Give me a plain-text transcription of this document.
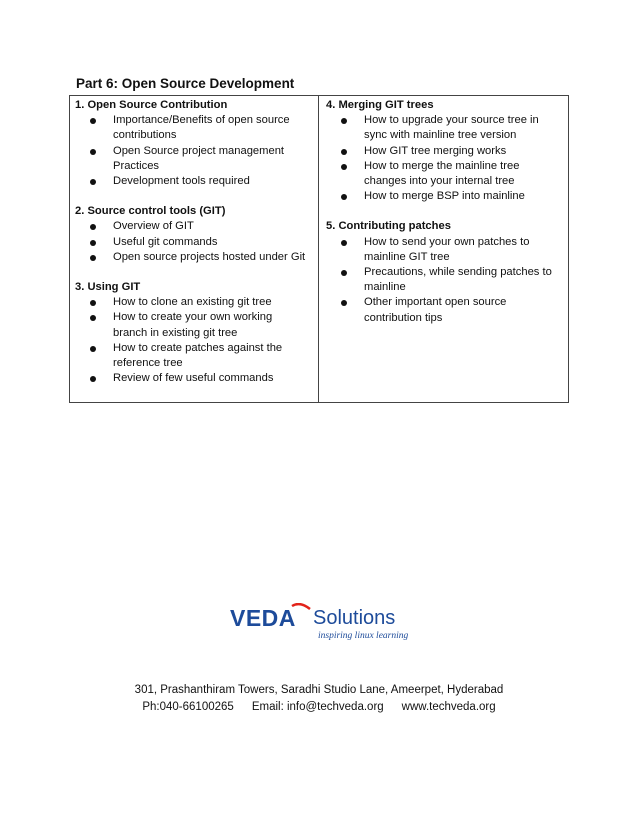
Part 6: Open Source Development
1. Open Source Contribution
Importance/Benefits of open source
contributions
Open Source project management
Practices
Development tools required
2. Source control tools (GIT)
Overview of GIT
Useful git commands
Open source projects hosted under Git
3. Using GIT
How to clone an existing git tree
How to create your own working
branch in existing git tree
How to create patches against the
reference tree
Review of few useful commands
4. Merging GIT trees
How to upgrade your source tree in
sync with mainline tree version
How GIT tree merging works
How to merge the mainline tree
changes into your internal tree
How to merge BSP into mainline
5. Contributing patches
How to send your own patches to
mainline GIT tree
Precautions, while sending patches to
mainline
Other important open source
contribution tips
VEDA Solutions
inspiring linux learning
301, Prashanthiram Towers, Saradhi Studio Lane, Ameerpet, Hyderabad
Ph:040-66100265 Email: info@techveda.org www.techveda.org
